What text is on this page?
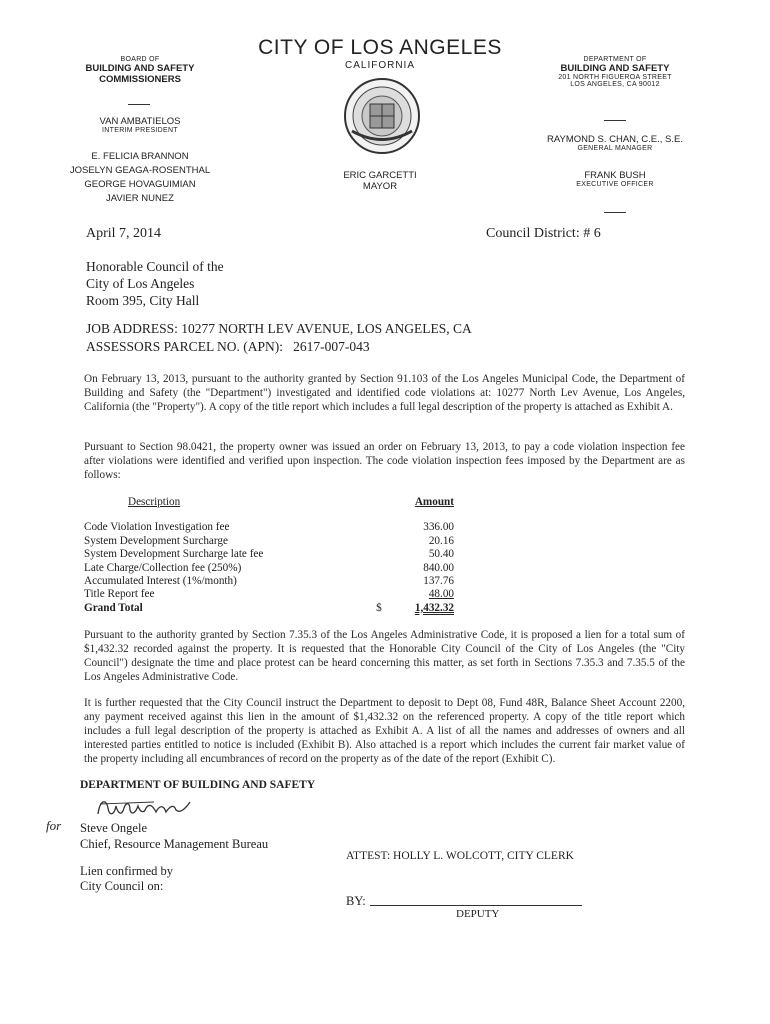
CITY OF LOS ANGELES
CALIFORNIA
BOARD OF
BUILDING AND SAFETY
COMMISSIONERS
VAN AMBATIELOS
INTERIM PRESIDENT
E. FELICIA BRANNON
JOSELYN GEAGA-ROSENTHAL
GEORGE HOVAGUIMIAN
JAVIER NUNEZ
ERIC GARCETTI
MAYOR
DEPARTMENT OF
BUILDING AND SAFETY
201 NORTH FIGUEROA STREET
LOS ANGELES, CA 90012
RAYMOND S. CHAN, C.E., S.E.
GENERAL MANAGER
FRANK BUSH
EXECUTIVE OFFICER
April 7, 2014	Council District: # 6
Honorable Council of the
City of Los Angeles
Room 395, City Hall
JOB ADDRESS: 10277 NORTH LEV AVENUE, LOS ANGELES, CA
ASSESSORS PARCEL NO. (APN):   2617-007-043

On February 13, 2013, pursuant to the authority granted by Section 91.103 of the Los Angeles Municipal Code, the Department of Building and Safety (the "Department") investigated and identified code violations at: 10277 North Lev Avenue, Los Angeles, California (the "Property"). A copy of the title report which includes a full legal description of the property is attached as Exhibit A.

Pursuant to Section 98.0421, the property owner was issued an order on February 13, 2013, to pay a code violation inspection fee after violations were identified and verified upon inspection. The code violation inspection fees imposed by the Department are as follows:

Description	Amount
Code Violation Investigation fee	336.00
System Development Surcharge	20.16
System Development Surcharge late fee	50.40
Late Charge/Collection fee (250%)	840.00
Accumulated Interest (1%/month)	137.76
Title Report fee	48.00
Grand Total	$	1,432.32

Pursuant to the authority granted by Section 7.35.3 of the Los Angeles Administrative Code, it is proposed a lien for a total sum of $1,432.32 recorded against the property. It is requested that the Honorable City Council of the City of Los Angeles (the "City Council") designate the time and place protest can be heard concerning this matter, as set forth in Sections 7.35.3 and 7.35.5 of the Los Angeles Administrative Code.

It is further requested that the City Council instruct the Department to deposit to Dept 08, Fund 48R, Balance Sheet Account 2200, any payment received against this lien in the amount of $1,432.32 on the referenced property. A copy of the title report which includes a full legal description of the property is attached as Exhibit A. A list of all the names and addresses of owners and all interested parties entitled to notice is included (Exhibit B). Also attached is a report which includes the current fair market value of the property including all encumbrances of record on the property as of the date of the report (Exhibit C).

DEPARTMENT OF BUILDING AND SAFETY
for Steve Ongele
Chief, Resource Management Bureau
ATTEST: HOLLY L. WOLCOTT, CITY CLERK
Lien confirmed by
City Council on:
BY:
DEPUTY
